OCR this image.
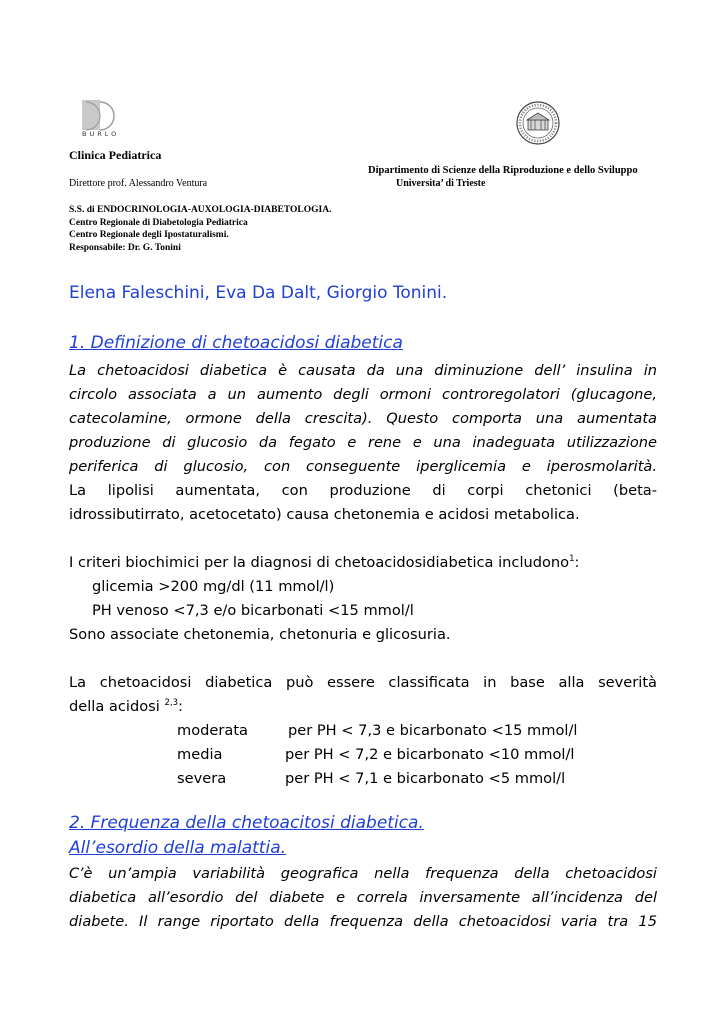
BURLO
Clinica Pediatrica
Dipartimento di Scienze della Riproduzione e dello Sviluppo
Direttore prof. Alessandro Ventura	Universita’ di Trieste
S.S. di ENDOCRINOLOGIA-AUXOLOGIA-DIABETOLOGIA.
Centro Regionale di Diabetologia Pediatrica
Centro Regionale degli Ipostaturalismi.
Responsabile: Dr. G. Tonini
Elena Faleschini, Eva Da Dalt, Giorgio Tonini.
1. Definizione di chetoacidosi diabetica
La chetoacidosi diabetica è causata da una diminuzione dell’ insulina in
circolo associata a un aumento degli ormoni controregolatori (glucagone,
catecolamine, ormone della crescita). Questo comporta una aumentata
produzione di glucosio da fegato e rene e una inadeguata utilizzazione
periferica di glucosio, con conseguente iperglicemia e iperosmolarità.
La lipolisi aumentata, con produzione di corpi chetonici (beta-
idrossibutirrato, acetocetato) causa chetonemia e acidosi metabolica.
I criteri biochimici per la diagnosi di chetoacidosidiabetica includono$^1$:
glicemia >200 mg/dl (11 mmol/l)
PH venoso <7,3 e/o bicarbonati <15 mmol/l
Sono associate chetonemia, chetonuria e glicosuria.
La chetoacidosi diabetica può essere classificata in base alla severità
della acidosi $^{2,3}$:
moderata	per PH < 7,3 e bicarbonato <15 mmol/l
media	per PH < 7,2 e bicarbonato <10 mmol/l
severa	per PH < 7,1 e bicarbonato <5 mmol/l
2. Frequenza della chetoacitosi diabetica.
All’esordio della malattia.
C’è un’ampia variabilità geografica nella frequenza della chetoacidosi
diabetica all’esordio del diabete e correla inversamente all’incidenza del
diabete. Il range riportato della frequenza della chetoacidosi varia tra 15
